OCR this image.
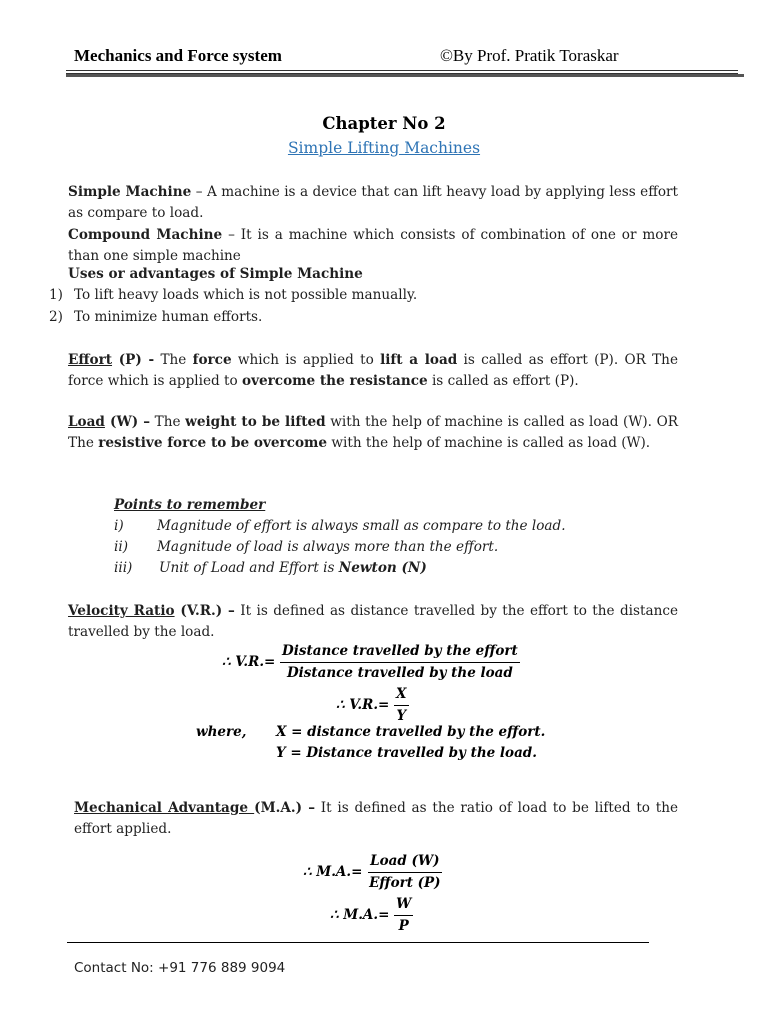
Mechanics and Force system	©By Prof. Pratik Toraskar
Chapter No 2
Simple Lifting Machines
Simple Machine – A machine is a device that can lift heavy load by applying less effort as compare to load.
Compound Machine – It is a machine which consists of combination of one or more than one simple machine
Uses or advantages of Simple Machine
1) To lift heavy loads which is not possible manually.
2) To minimize human efforts.
Effort (P) - The force which is applied to lift a load is called as effort (P). OR The force which is applied to overcome the resistance is called as effort (P).
Load (W) – The weight to be lifted with the help of machine is called as load (W). OR The resistive force to be overcome with the help of machine is called as load (W).
Points to remember
i) Magnitude of effort is always small as compare to the load.
ii) Magnitude of load is always more than the effort.
iii) Unit of Load and Effort is Newton (N)
Velocity Ratio (V.R.) – It is defined as distance travelled by the effort to the distance travelled by the load.
∴ $V.R.= \frac{\text{Distance travelled by the effort}}{\text{Distance travelled by the load}}$
∴ $V.R.= \frac{X}{Y}$
where, X = distance travelled by the effort.
Y = Distance travelled by the load.
Mechanical Advantage (M.A.) – It is defined as the ratio of load to be lifted to the effort applied.
∴ $M.A.= \frac{\text{Load (W)}}{\text{Effort (P)}}$
∴ $M.A.= \frac{W}{P}$
Contact No: +91 776 889 9094
